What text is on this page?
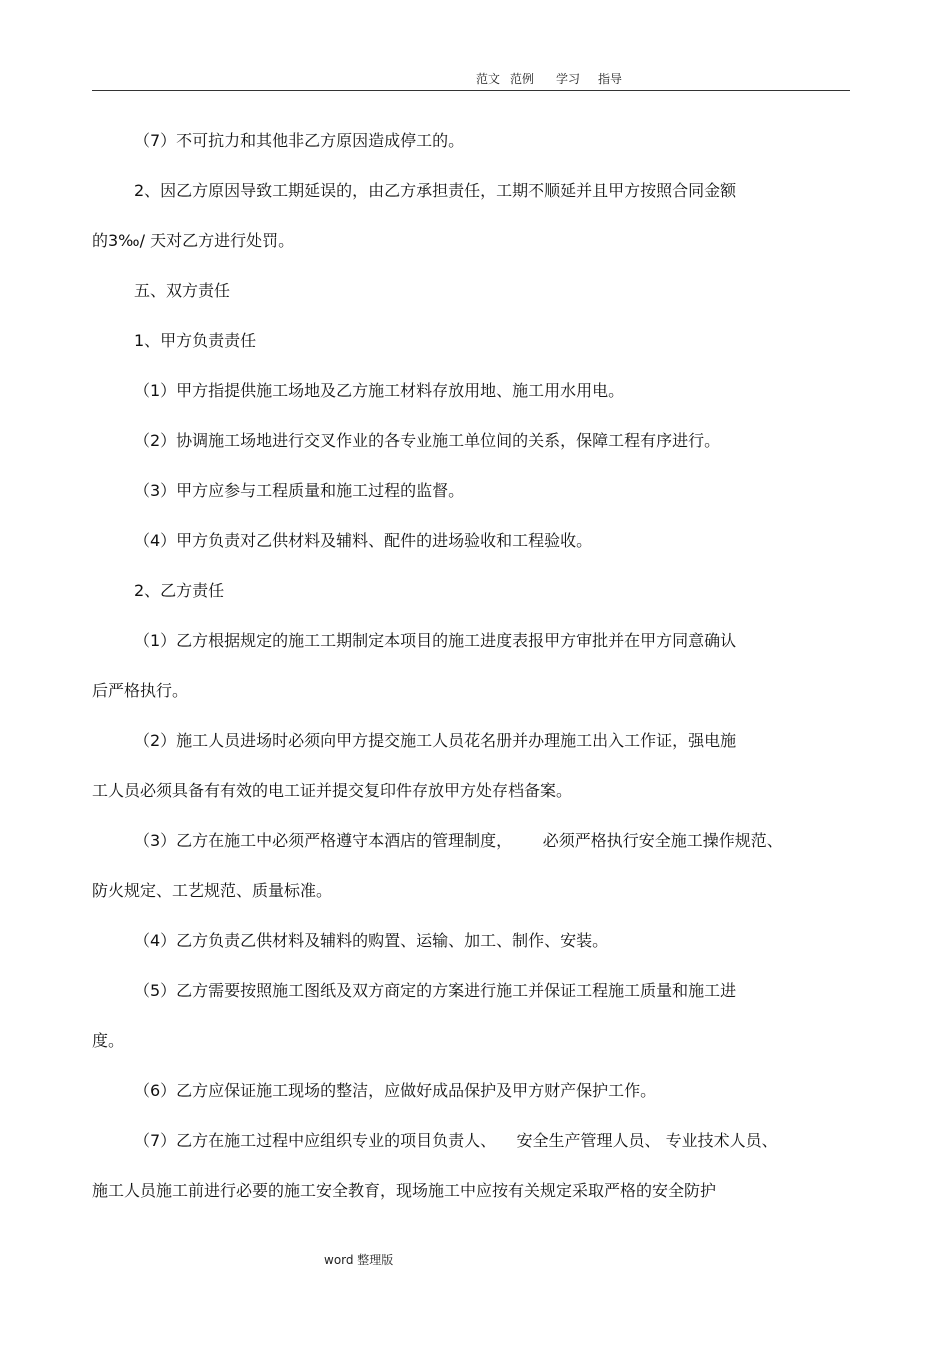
范文 范例 学习 指导
（7）不可抗力和其他非乙方原因造成停工的。
2、因乙方原因导致工期延误的，由乙方承担责任，工期不顺延并且甲方按照合同金额
的3‰/ 天对乙方进行处罚。
五、双方责任
1、甲方负责责任
（1）甲方指提供施工场地及乙方施工材料存放用地、施工用水用电。
（2）协调施工场地进行交叉作业的各专业施工单位间的关系，保障工程有序进行。
（3）甲方应参与工程质量和施工过程的监督。
（4）甲方负责对乙供材料及辅料、配件的进场验收和工程验收。
2、乙方责任
（1）乙方根据规定的施工工期制定本项目的施工进度表报甲方审批并在甲方同意确认
后严格执行。
（2）施工人员进场时必须向甲方提交施工人员花名册并办理施工出入工作证，强电施
工人员必须具备有有效的电工证并提交复印件存放甲方处存档备案。
（3）乙方在施工中必须严格遵守本酒店的管理制度，      必须严格执行安全施工操作规范、
防火规定、工艺规范、质量标准。
（4）乙方负责乙供材料及辅料的购置、运输、加工、制作、安装。
（5）乙方需要按照施工图纸及双方商定的方案进行施工并保证工程施工质量和施工进
度。
（6）乙方应保证施工现场的整洁，应做好成品保护及甲方财产保护工作。
（7）乙方在施工过程中应组织专业的项目负责人、    安全生产管理人员、 专业技术人员、
施工人员施工前进行必要的施工安全教育，现场施工中应按有关规定采取严格的安全防护
word 整理版
